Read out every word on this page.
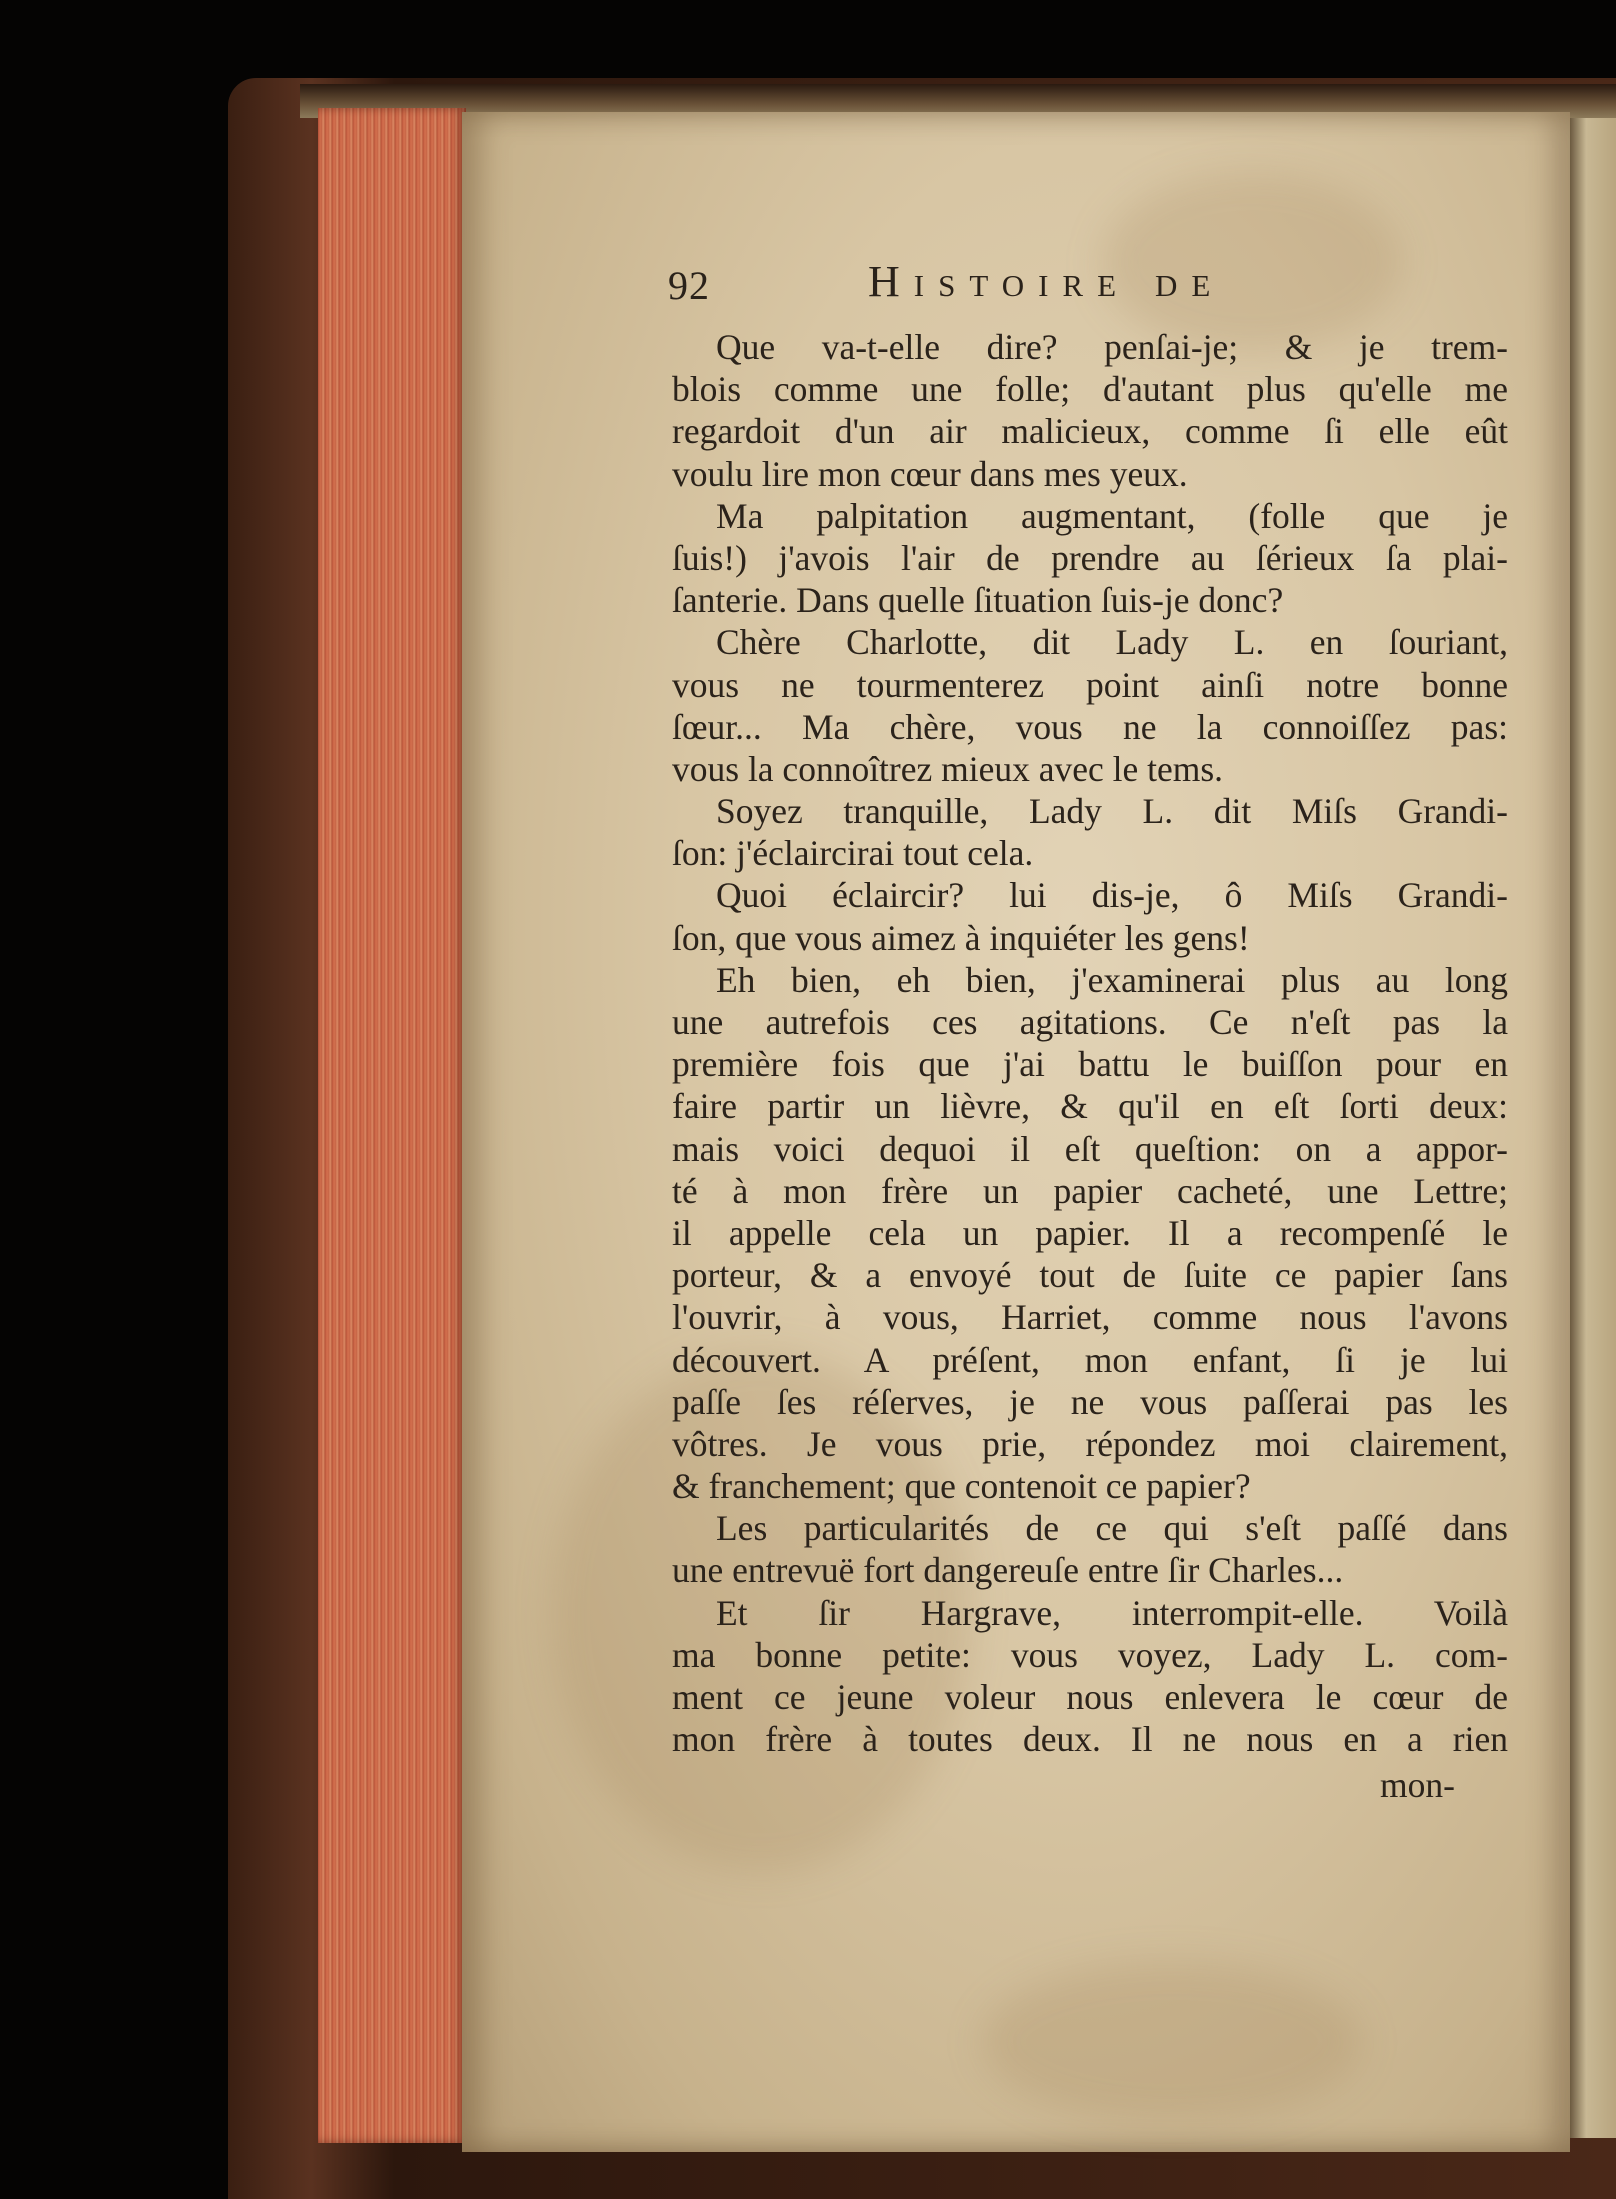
92	Histoire de
Que va-t-elle dire? penſai-je; & je trem-
blois comme une folle; d'autant plus qu'elle me
regardoit d'un air malicieux, comme ſi elle eût
voulu lire mon cœur dans mes yeux.
Ma palpitation augmentant, (folle que je
ſuis!) j'avois l'air de prendre au ſérieux ſa plai-
ſanterie. Dans quelle ſituation ſuis-je donc?
Chère Charlotte, dit Lady L. en ſouriant,
vous ne tourmenterez point ainſi notre bonne
ſœur... Ma chère, vous ne la connoiſſez pas:
vous la connoîtrez mieux avec le tems.
Soyez tranquille, Lady L. dit Miſs Grandi-
ſon: j'éclaircirai tout cela.
Quoi éclaircir? lui dis-je, ô Miſs Grandi-
ſon, que vous aimez à inquiéter les gens!
Eh bien, eh bien, j'examinerai plus au long
une autrefois ces agitations. Ce n'eſt pas la
première fois que j'ai battu le buiſſon pour en
faire partir un lièvre, & qu'il en eſt ſorti deux:
mais voici dequoi il eſt queſtion: on a appor-
té à mon frère un papier cacheté, une Lettre;
il appelle cela un papier. Il a recompenſé le
porteur, & a envoyé tout de ſuite ce papier ſans
l'ouvrir, à vous, Harriet, comme nous l'avons
découvert. A préſent, mon enfant, ſi je lui
paſſe ſes réſerves, je ne vous paſſerai pas les
vôtres. Je vous prie, répondez moi clairement,
& franchement; que contenoit ce papier?
Les particularités de ce qui s'eſt paſſé dans
une entrevuë fort dangereuſe entre ſir Charles...
Et ſir Hargrave, interrompit-elle. Voilà
ma bonne petite: vous voyez, Lady L. com-
ment ce jeune voleur nous enlevera le cœur de
mon frère à toutes deux. Il ne nous en a rien
mon-
